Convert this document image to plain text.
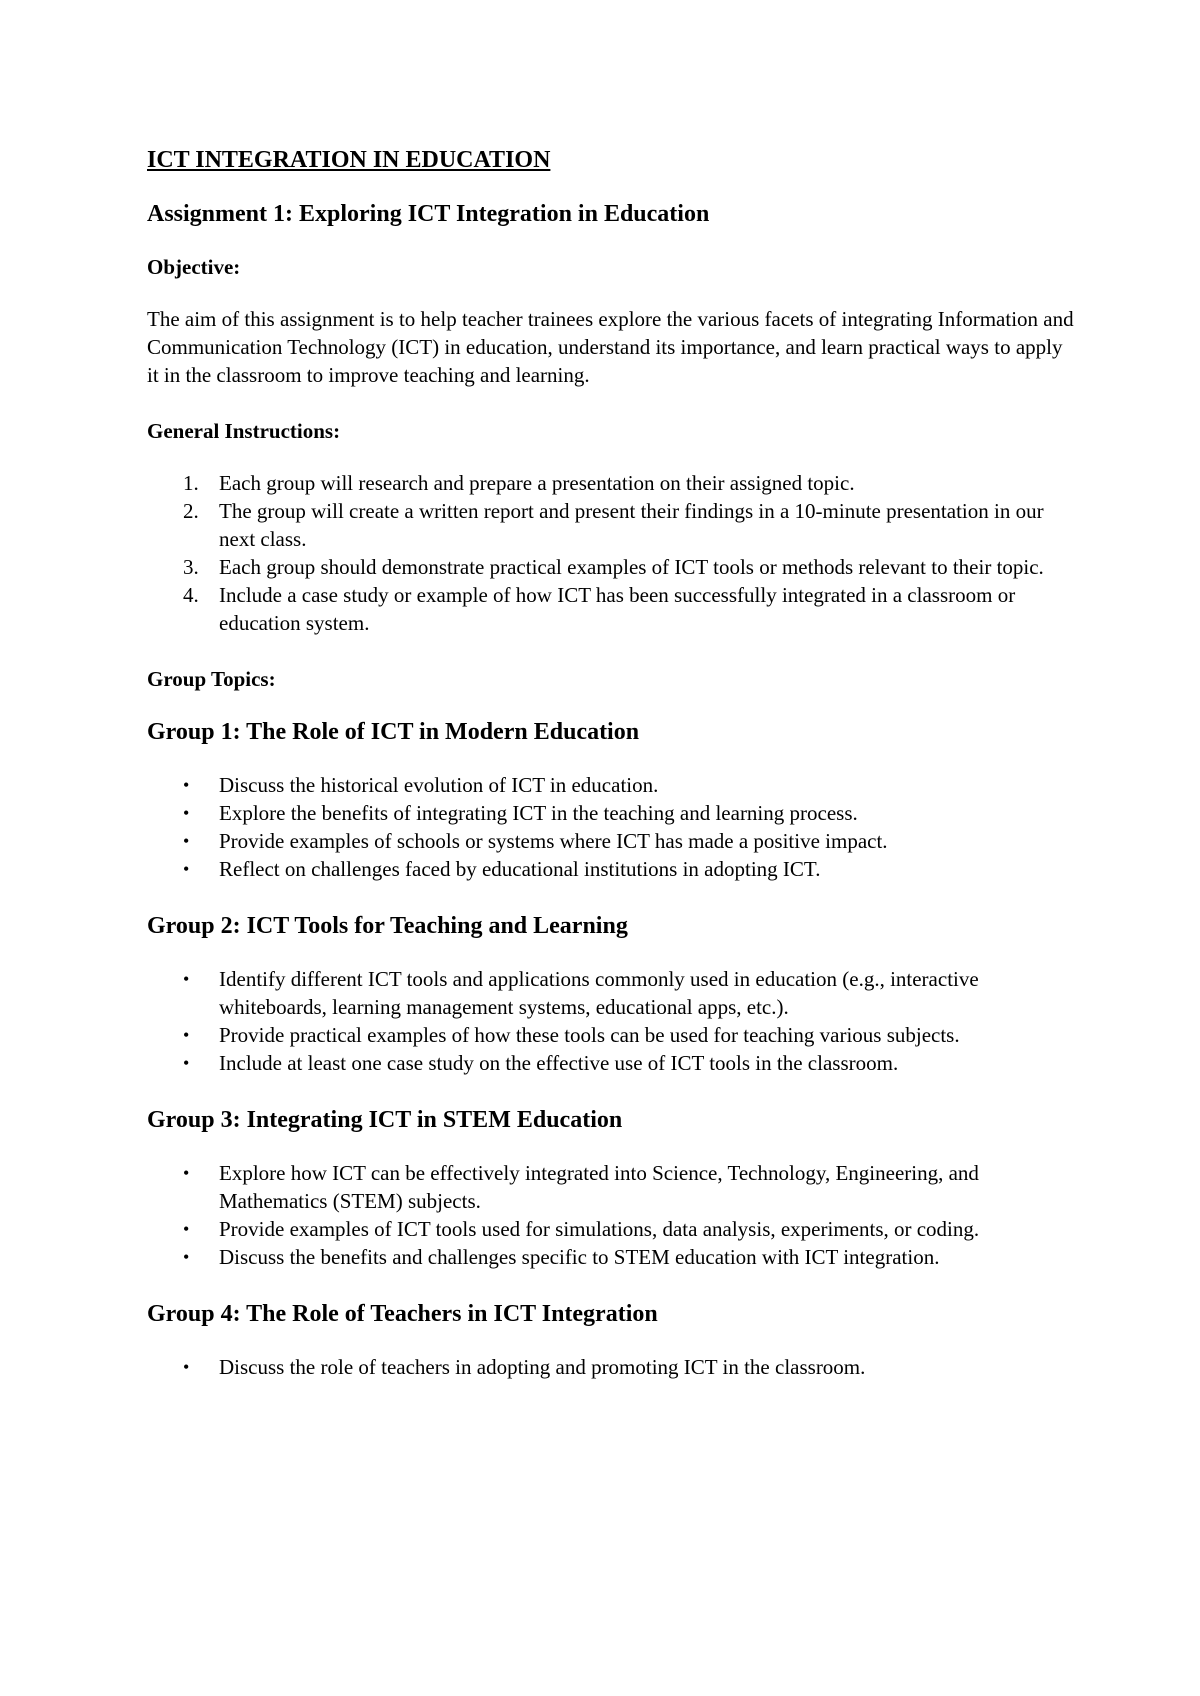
ICT INTEGRATION IN EDUCATION
Assignment 1: Exploring ICT Integration in Education
Objective:
The aim of this assignment is to help teacher trainees explore the various facets of integrating Information and Communication Technology (ICT) in education, understand its importance, and learn practical ways to apply it in the classroom to improve teaching and learning.
General Instructions:
1. Each group will research and prepare a presentation on their assigned topic.
2. The group will create a written report and present their findings in a 10-minute presentation in our next class.
3. Each group should demonstrate practical examples of ICT tools or methods relevant to their topic.
4. Include a case study or example of how ICT has been successfully integrated in a classroom or education system.
Group Topics:
Group 1: The Role of ICT in Modern Education
•	Discuss the historical evolution of ICT in education.
•	Explore the benefits of integrating ICT in the teaching and learning process.
•	Provide examples of schools or systems where ICT has made a positive impact.
•	Reflect on challenges faced by educational institutions in adopting ICT.
Group 2: ICT Tools for Teaching and Learning
•	Identify different ICT tools and applications commonly used in education (e.g., interactive whiteboards, learning management systems, educational apps, etc.).
•	Provide practical examples of how these tools can be used for teaching various subjects.
•	Include at least one case study on the effective use of ICT tools in the classroom.
Group 3: Integrating ICT in STEM Education
•	Explore how ICT can be effectively integrated into Science, Technology, Engineering, and Mathematics (STEM) subjects.
•	Provide examples of ICT tools used for simulations, data analysis, experiments, or coding.
•	Discuss the benefits and challenges specific to STEM education with ICT integration.
Group 4: The Role of Teachers in ICT Integration
•	Discuss the role of teachers in adopting and promoting ICT in the classroom.
